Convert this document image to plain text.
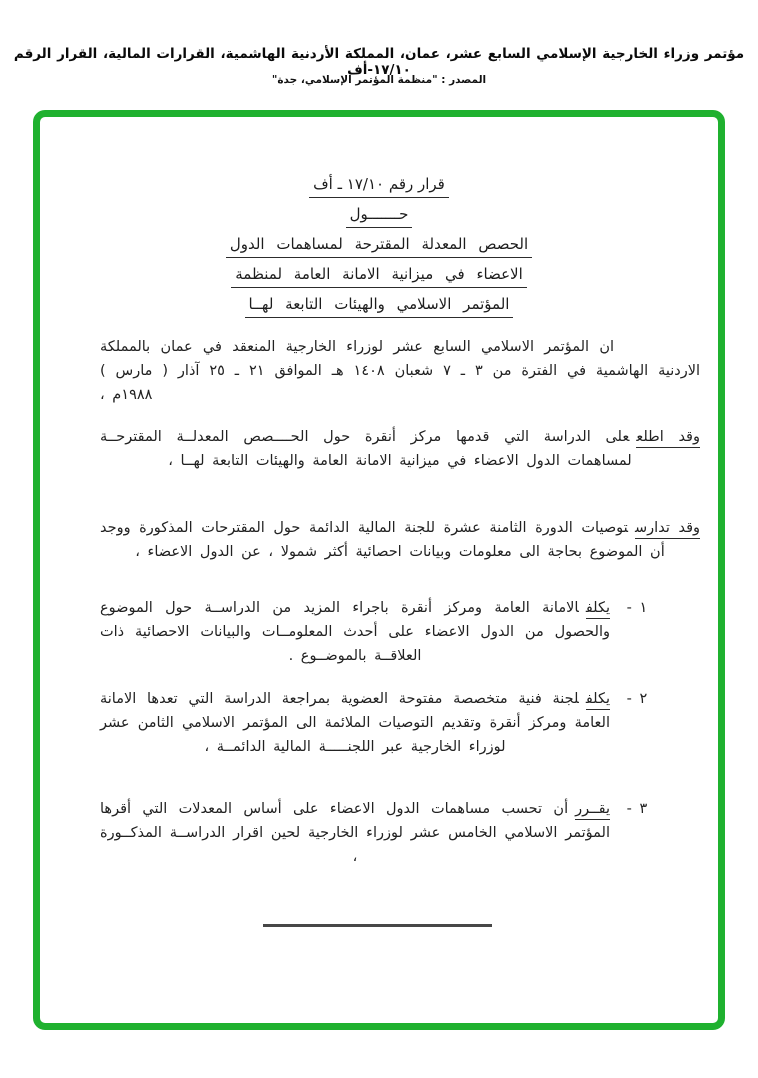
مؤتمر وزراء الخارجية الإسلامي السابع عشر، عمان، المملكة الأردنية الهاشمية، القرارات المالية، القرار الرقم ١٧/١٠-أف
المصدر : "منظمة المؤتمر الإسلامي، جدة"
قرار رقم ١٧/١٠ ـ أف
حـــــــول
الحصص المعدلة المقترحة لمساهمات الدول
الاعضاء في ميزانية الامانة العامة لمنظمة
المؤتمر الاسلامي والهيئات التابعة لهــا

ان المؤتمر الاسلامي السابع عشر لوزراء الخارجية المنعقد في عمان بالمملكة الاردنية الهاشمية في الفترة من ٣ ـ ٧ شعبان ١٤٠٨ هـ الموافق ٢١ ـ ٢٥ آذار ( مارس ) ١٩٨٨م ،

وقد اطلععلى الدراسة التي قدمها مركز أنقرة حول الحــــصص المعدلــة المقترحــة لمساهمات الدول الاعضاء في ميزانية الامانة العامة والهيئات التابعة لهــا ،

وقد تدارستوصيات الدورة الثامنة عشرة للجنة المالية الدائمة حول المقترحات المذكورة ووجد أن الموضوع بحاجة الى معلومات وبيانات احصائية أكثر شمولا ، عن الدول الاعضاء ،

١ -
يكلفالامانة العامة ومركز أنقرة باجراء المزيد من الدراســة حول الموضوع والحصول من الدول الاعضاء على أحدث المعلومــات والبيانات الاحصائية ذات العلاقــة بالموضــوع .
٢ -
يكلفلجنة فنية متخصصة مفتوحة العضوية بمراجعة الدراسة التي تعدها الامانة العامة ومركز أنقرة وتقديم التوصيات الملائمة الى المؤتمر الاسلامي الثامن عشر لوزراء الخارجية عبر اللجنـــــة المالية الدائمــة ،
٣ -
يقــررأن تحسب مساهمات الدول الاعضاء على أساس المعدلات التي أقرها المؤتمر الاسلامي الخامس عشر لوزراء الخارجية لحين اقرار الدراســة المذكــورة ،
